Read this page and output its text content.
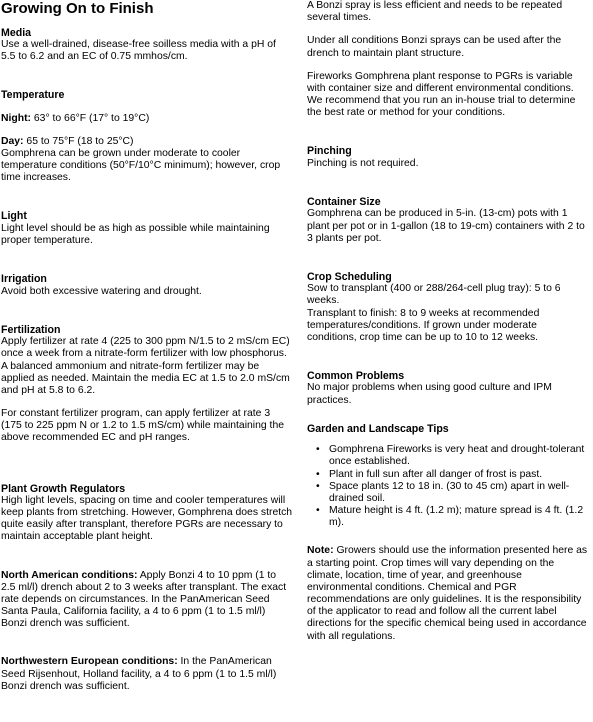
Growing On to Finish
Media

Use a well-drained, disease-free soilless media with a pH of 5.5 to 6.2 and an EC of 0.75 mmhos/cm.

Temperature

Night: 63° to 66°F (17° to 19°C)

Day: 65 to 75°F (18 to 25°C)

Gomphrena can be grown under moderate to cooler temperature conditions (50°F/10°C minimum); however, crop time increases.

Light

Light level should be as high as possible while maintaining proper temperature.

Irrigation

Avoid both excessive watering and drought.

Fertilization

Apply fertilizer at rate 4 (225 to 300 ppm N/1.5 to 2 mS/cm EC) once a week from a nitrate-form fertilizer with low phosphorus. A balanced ammonium and nitrate-form fertilizer may be applied as needed. Maintain the media EC at 1.5 to 2.0 mS/cm and pH at 5.8 to 6.2.

For constant fertilizer program, can apply fertilizer at rate 3 (175 to 225 ppm N or 1.2 to 1.5 mS/cm) while maintaining the above recommended EC and pH ranges.

Plant Growth Regulators

High light levels, spacing on time and cooler temperatures will keep plants from stretching. However, Gomphrena does stretch quite easily after transplant, therefore PGRs are necessary to maintain acceptable plant height.

North American conditions: Apply Bonzi 4 to 10 ppm (1 to 2.5 ml/l) drench about 2 to 3 weeks after transplant. The exact rate depends on circumstances. In the PanAmerican Seed Santa Paula, California facility, a 4 to 6 ppm (1 to 1.5 ml/l) Bonzi drench was sufficient.

Northwestern European conditions: In the PanAmerican Seed Rijsenhout, Holland facility, a 4 to 6 ppm (1 to 1.5 ml/l) Bonzi drench was sufficient.

A Bonzi spray is less efficient and needs to be repeated several times.

Under all conditions Bonzi sprays can be used after the drench to maintain plant structure.

Fireworks Gomphrena plant response to PGRs is variable with container size and different environmental conditions. We recommend that you run an in-house trial to determine the best rate or method for your conditions.

Pinching

Pinching is not required.

Container Size

Gomphrena can be produced in 5-in. (13-cm) pots with 1 plant per pot or in 1-gallon (18 to 19-cm) containers with 2 to 3 plants per pot.

Crop Scheduling

Sow to transplant (400 or 288/264-cell plug tray): 5 to 6 weeks.

Transplant to finish: 8 to 9 weeks at recommended temperatures/conditions. If grown under moderate conditions, crop time can be up to 10 to 12 weeks.

Common Problems

No major problems when using good culture and IPM practices.

Garden and Landscape Tips
• Gomphrena Fireworks is very heat and drought-tolerant once established.
• Plant in full sun after all danger of frost is past.
• Space plants 12 to 18 in. (30 to 45 cm) apart in well-drained soil.
• Mature height is 4 ft. (1.2 m); mature spread is 4 ft. (1.2 m).

Note: Growers should use the information presented here as a starting point. Crop times will vary depending on the climate, location, time of year, and greenhouse environmental conditions. Chemical and PGR recommendations are only guidelines. It is the responsibility of the applicator to read and follow all the current label directions for the specific chemical being used in accordance with all regulations.
